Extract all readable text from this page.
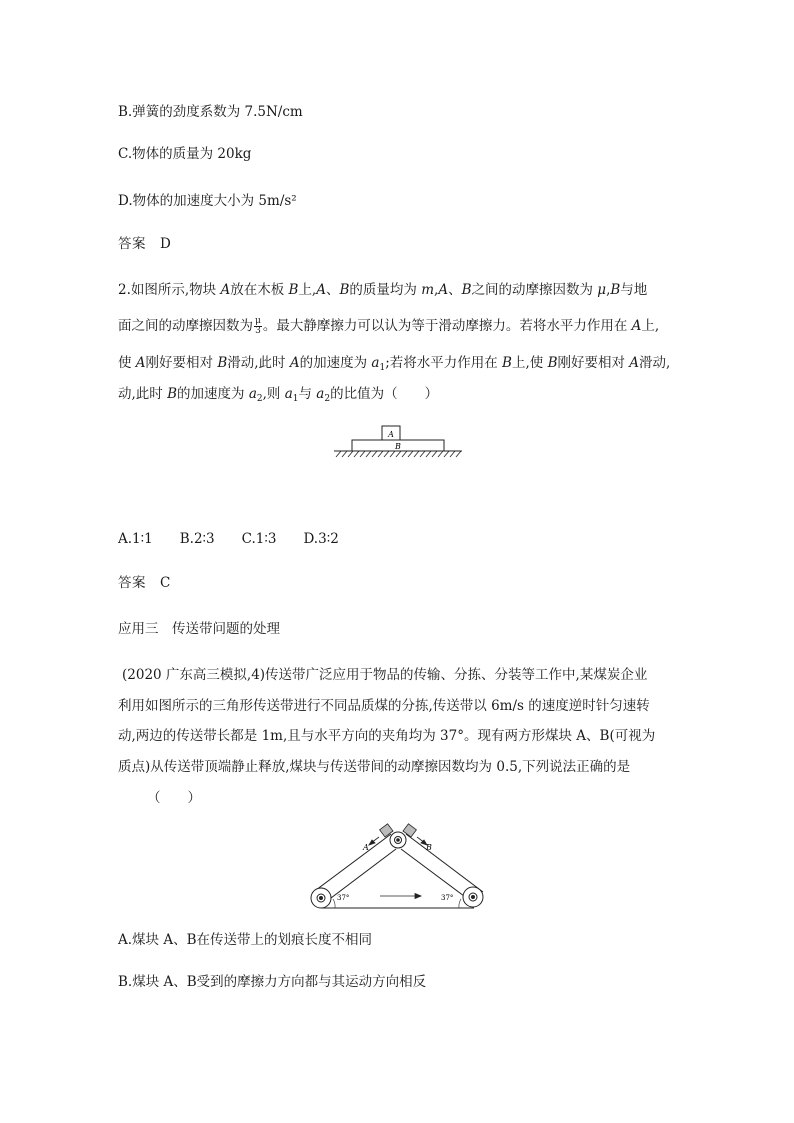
B.弹簧的劲度系数为 7.5N/cm
C.物体的质量为 20kg
D.物体的加速度大小为 5m/s²
答案　D
2.如图所示,物块 A放在木板 B上,A、B的质量均为 m,A、B之间的动摩擦因数为 μ,B与地
面之间的动摩擦因数为 $\frac{\mu}{3}$ 。最大静摩擦力可以认为等于滑动摩擦力。若将水平力作用在 A上,
使 A刚好要相对 B滑动,此时 A的加速度为 $a_1$;若将水平力作用在 B上,使 B刚好要相对 A滑动,
动,此时 B的加速度为 $a_2$,则 $a_1$与 $a_2$的比值为（　　）
A
B
A.1∶1　　B.2∶3　　C.1∶3　　D.3∶2
答案　C
应用三　传送带问题的处理
(2020 广东高三模拟,4)传送带广泛应用于物品的传输、分拣、分装等工作中,某煤炭企业
利用如图所示的三角形传送带进行不同品质煤的分拣,传送带以 6m/s 的速度逆时针匀速转
动,两边的传送带长都是 1m,且与水平方向的夹角均为 37°。现有两方形煤块 A、B(可视为
质点)从传送带顶端静止释放,煤块与传送带间的动摩擦因数均为 0.5,下列说法正确的是
（　　）
A	B
37°	37°
A.煤块 A、B在传送带上的划痕长度不相同
B.煤块 A、B受到的摩擦力方向都与其运动方向相反
